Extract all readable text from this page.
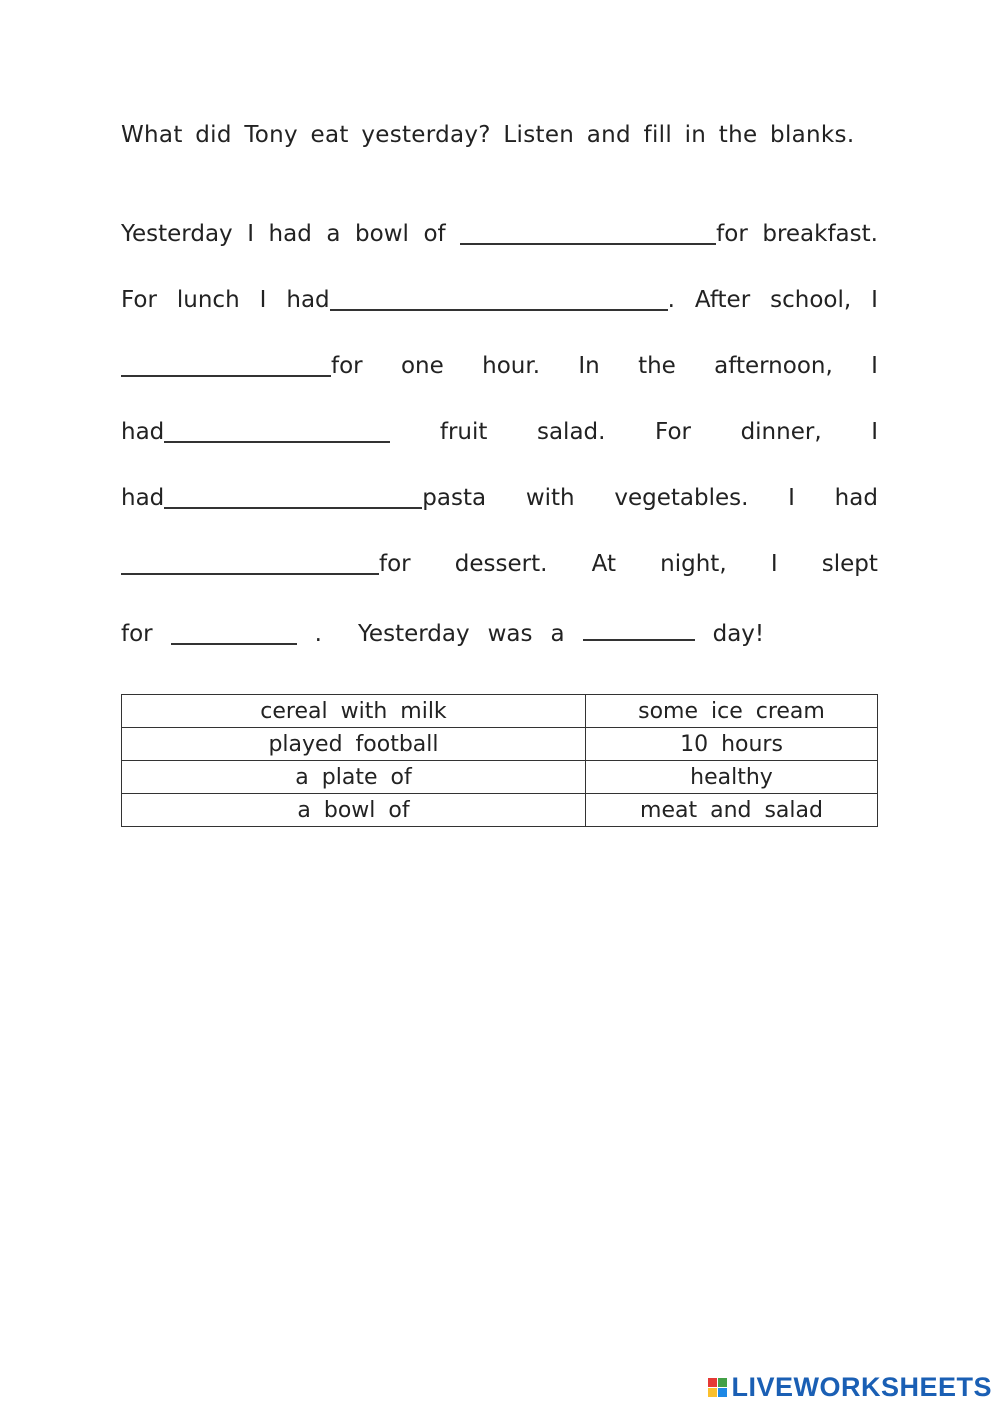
What did Tony eat yesterday? Listen and fill in the blanks.
Yesterday I had a bowl of	for breakfast.
For lunch I had	. After school, I
for one hour. In the afternoon, I
had	fruit salad. For dinner, I
had	pasta with vegetables. I had
for dessert. At night, I slept
for	.	Yesterday was a	day!
cereal with milk	some ice cream
played football	10 hours
a plate of	healthy
a bowl of	meat and salad
LIVEWORKSHEETS
